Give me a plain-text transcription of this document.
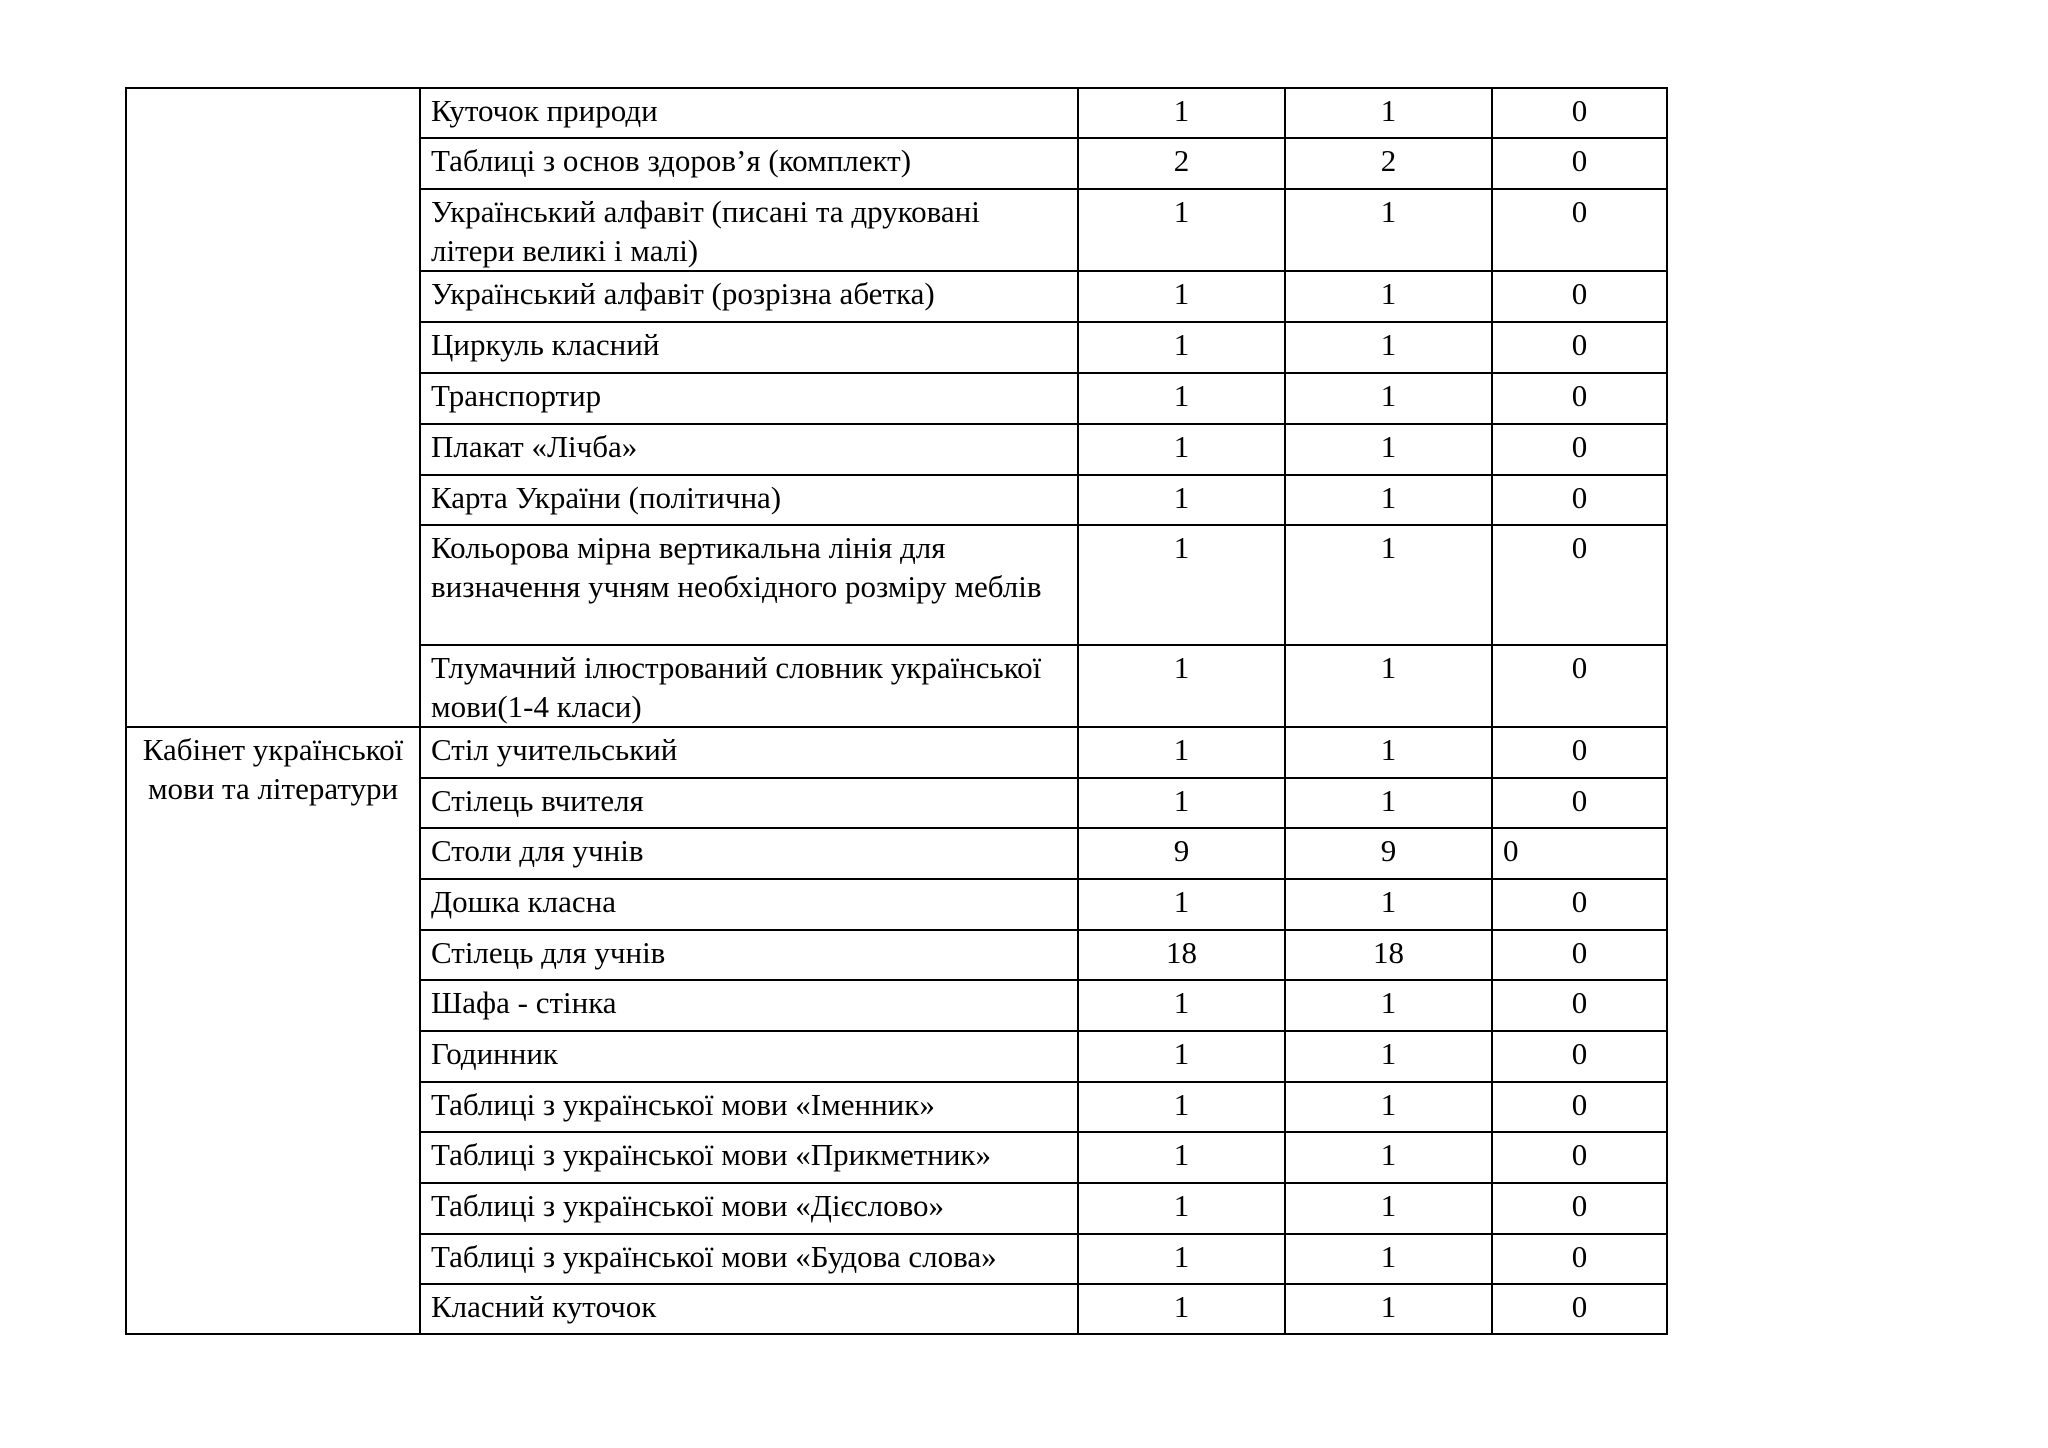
	Куточок природи	1	1	0
	Таблиці з основ здоров’я (комплект)	2	2	0
	Український алфавіт (писані та друковані літери великі і малі)	1	1	0
	Український алфавіт (розрізна абетка)	1	1	0
	Циркуль класний	1	1	0
	Транспортир	1	1	0
	Плакат «Лічба»	1	1	0
	Карта України (політична)	1	1	0
	Кольорова мірна вертикальна лінія для визначення учням необхідного розміру меблів	1	1	0
	Тлумачний ілюстрований словник української мови(1-4 класи)	1	1	0
Кабінет української мови та літератури	Стіл учительський	1	1	0
	Стілець вчителя	1	1	0
	Столи для учнів	9	9	0
	Дошка класна	1	1	0
	Стілець для учнів	18	18	0
	Шафа - стінка	1	1	0
	Годинник	1	1	0
	Таблиці з української мови «Іменник»	1	1	0
	Таблиці з української мови «Прикметник»	1	1	0
	Таблиці з української мови «Дієслово»	1	1	0
	Таблиці з української мови «Будова слова»	1	1	0
	Класний куточок	1	1	0
